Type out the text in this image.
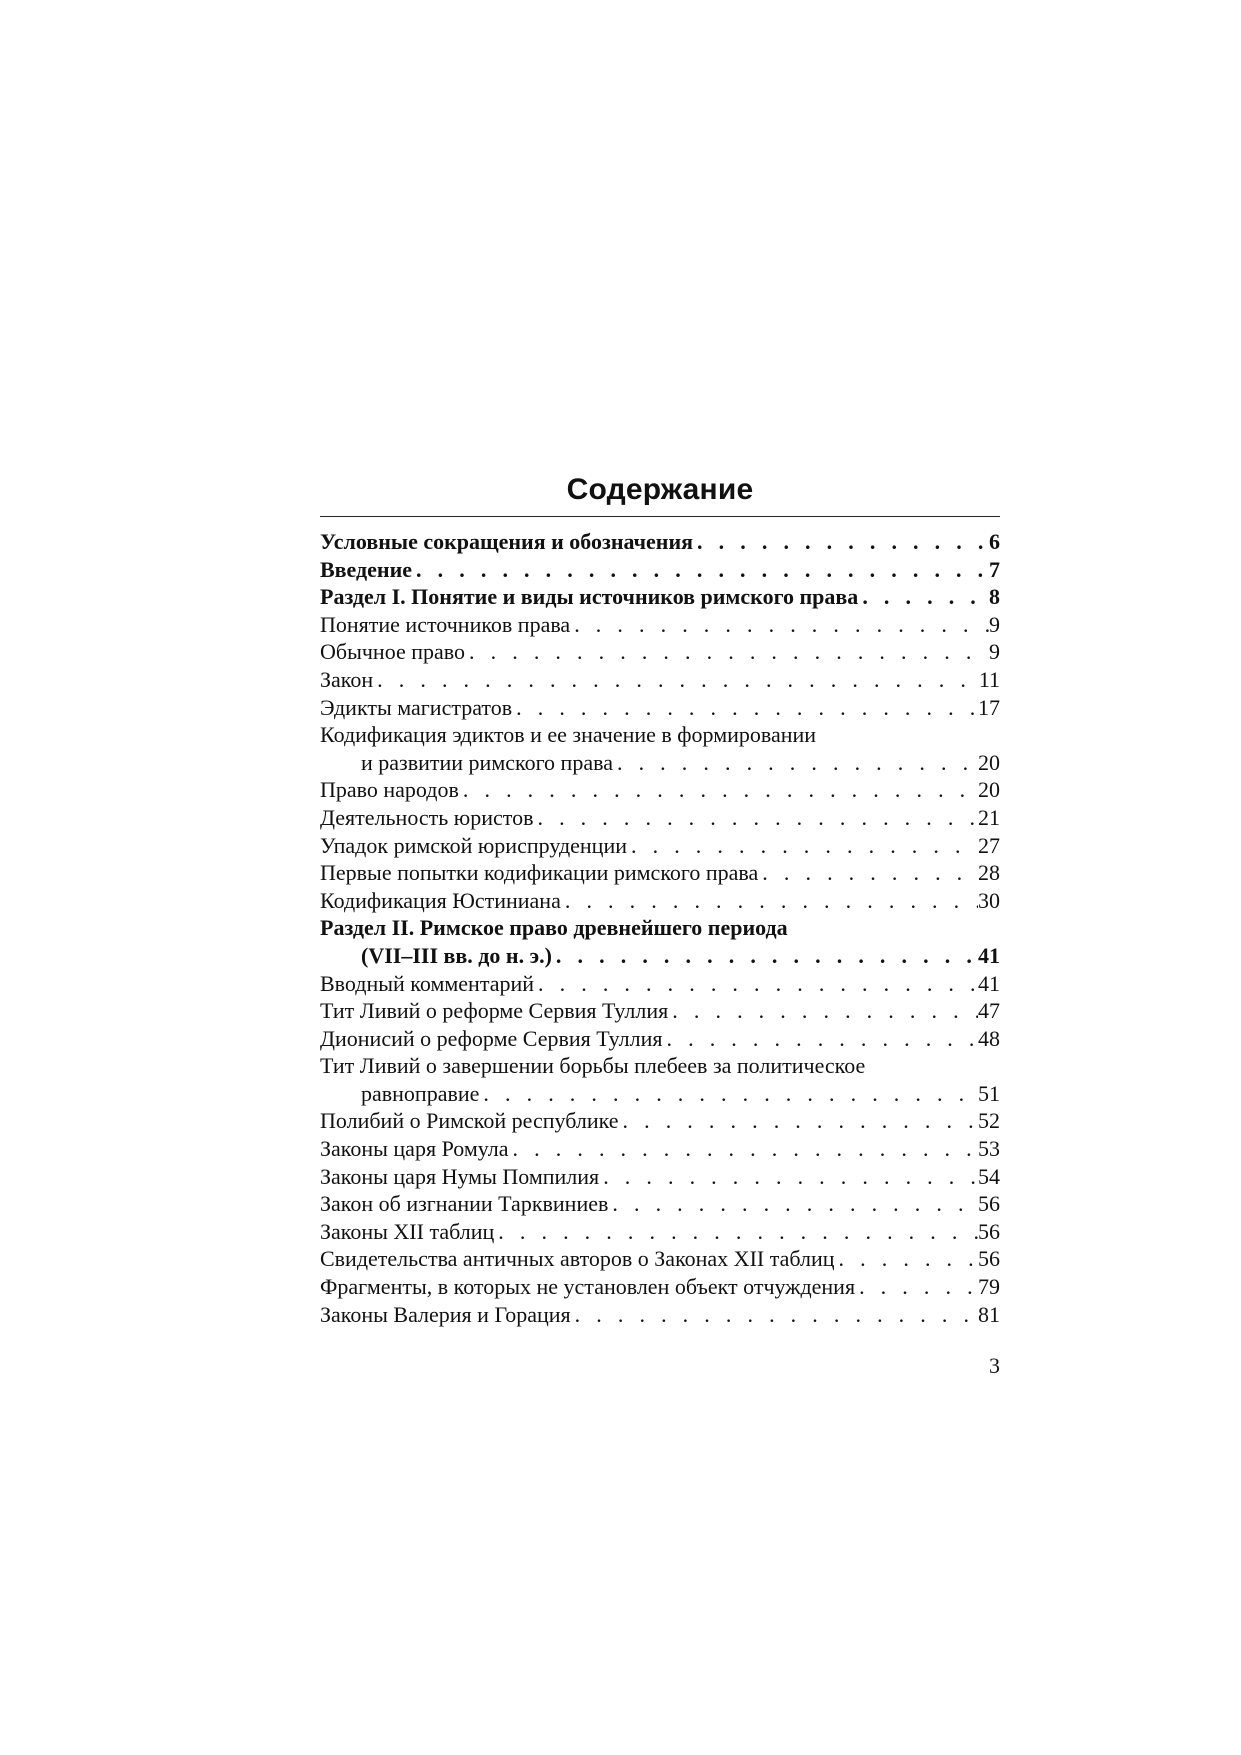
Содержание
Условные сокращения и обозначения . . .	6
Введение . . .	7
Раздел I. Понятие и виды источников римского права . . .	8
Понятие источников права . . .	9
Обычное право . . .	9
Закон . . .	11
Эдикты магистратов . . .	17
Кодификация эдиктов и ее значение в формировании
и развитии римского права . . .	20
Право народов . . .	20
Деятельность юристов . . .	21
Упадок римской юриспруденции . . .	27
Первые попытки кодификации римского права . . .	28
Кодификация Юстиниана . . .	30
Раздел II. Римское право древнейшего периода
(VII–III вв. до н. э.) . . .	41
Вводный комментарий . . .	41
Тит Ливий о реформе Сервия Туллия . . .	47
Дионисий о реформе Сервия Туллия . . .	48
Тит Ливий о завершении борьбы плебеев за политическое
равноправие . . .	51
Полибий о Римской республике . . .	52
Законы царя Ромула . . .	53
Законы царя Нумы Помпилия . . .	54
Закон об изгнании Тарквиниев . . .	56
Законы XII таблиц . . .	56
Свидетельства античных авторов о Законах XII таблиц . . .	56
Фрагменты, в которых не установлен объект отчуждения . . .	79
Законы Валерия и Горация . . .	81
3
